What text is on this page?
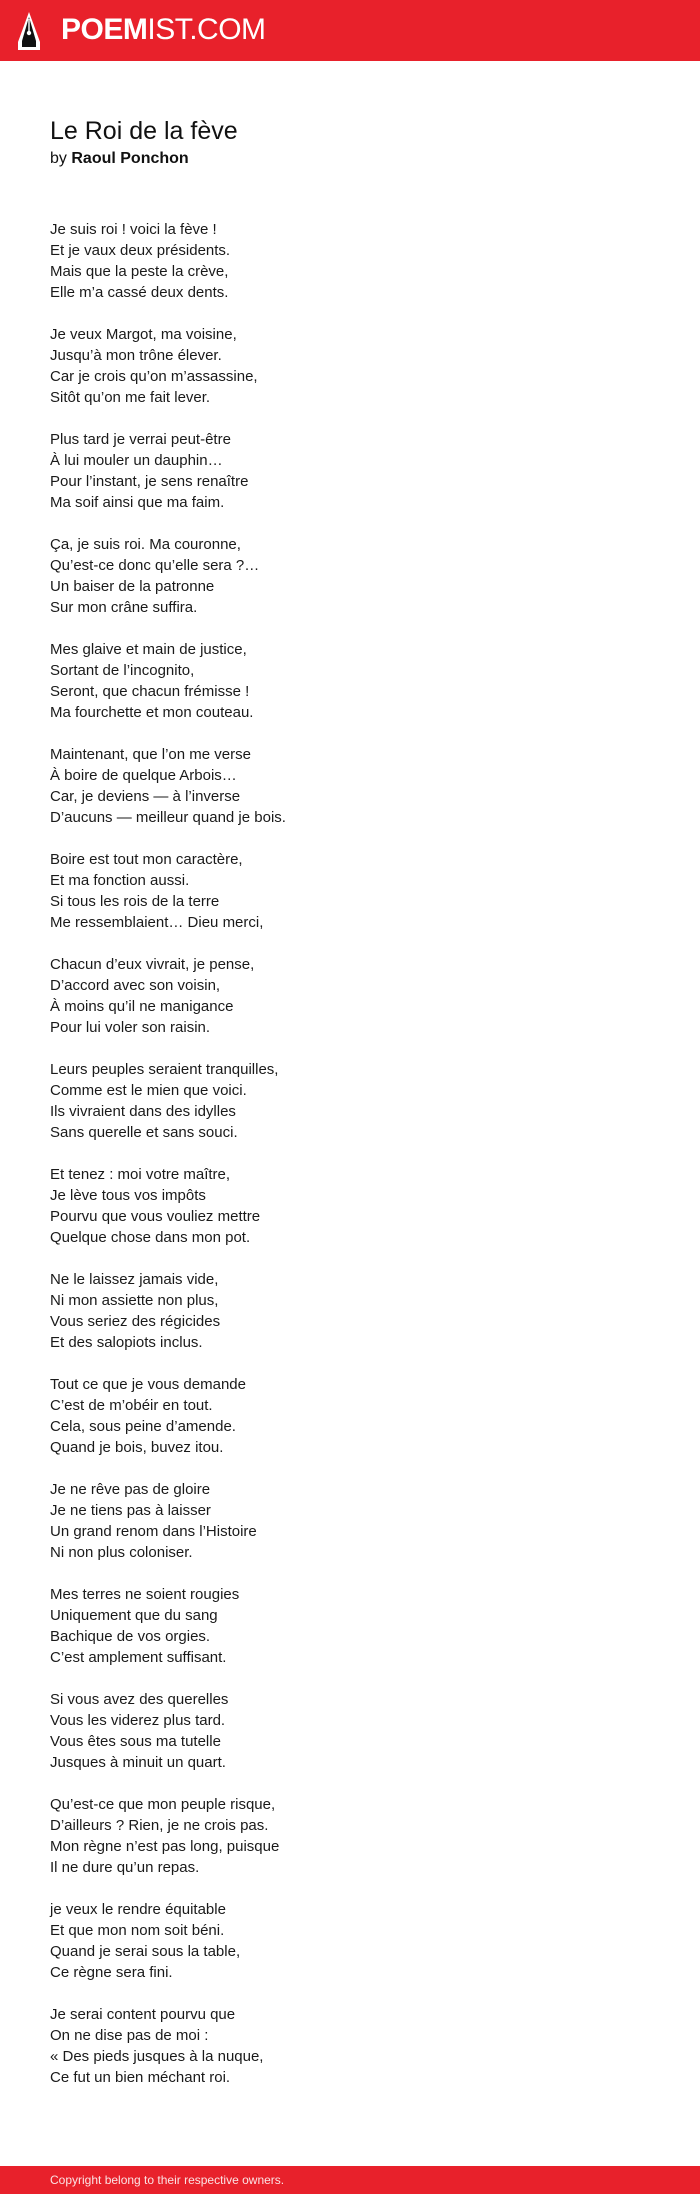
POEMIST.COM
Le Roi de la fève
by Raoul Ponchon
Je suis roi ! voici la fève !
Et je vaux deux présidents.
Mais que la peste la crève,
Elle m’a cassé deux dents.
Je veux Margot, ma voisine,
Jusqu’à mon trône élever.
Car je crois qu’on m’assassine,
Sitôt qu’on me fait lever.
Plus tard je verrai peut-être
À lui mouler un dauphin…
Pour l’instant, je sens renaître
Ma soif ainsi que ma faim.
Ça, je suis roi. Ma couronne,
Qu’est-ce donc qu’elle sera ?…
Un baiser de la patronne
Sur mon crâne suffira.
Mes glaive et main de justice,
Sortant de l’incognito,
Seront, que chacun frémisse !
Ma fourchette et mon couteau.
Maintenant, que l’on me verse
À boire de quelque Arbois…
Car, je deviens — à l’inverse
D’aucuns — meilleur quand je bois.
Boire est tout mon caractère,
Et ma fonction aussi.
Si tous les rois de la terre
Me ressemblaient… Dieu merci,
Chacun d’eux vivrait, je pense,
D’accord avec son voisin,
À moins qu’il ne manigance
Pour lui voler son raisin.
Leurs peuples seraient tranquilles,
Comme est le mien que voici.
Ils vivraient dans des idylles
Sans querelle et sans souci.
Et tenez : moi votre maître,
Je lève tous vos impôts
Pourvu que vous vouliez mettre
Quelque chose dans mon pot.
Ne le laissez jamais vide,
Ni mon assiette non plus,
Vous seriez des régicides
Et des salopiots inclus.
Tout ce que je vous demande
C’est de m’obéir en tout.
Cela, sous peine d’amende.
Quand je bois, buvez itou.
Je ne rêve pas de gloire
Je ne tiens pas à laisser
Un grand renom dans l’Histoire
Ni non plus coloniser.
Mes terres ne soient rougies
Uniquement que du sang
Bachique de vos orgies.
C’est amplement suffisant.
Si vous avez des querelles
Vous les viderez plus tard.
Vous êtes sous ma tutelle
Jusques à minuit un quart.
Qu’est-ce que mon peuple risque,
D’ailleurs ? Rien, je ne crois pas.
Mon règne n’est pas long, puisque
Il ne dure qu’un repas.
je veux le rendre équitable
Et que mon nom soit béni.
Quand je serai sous la table,
Ce règne sera fini.
Je serai content pourvu que
On ne dise pas de moi :
« Des pieds jusques à la nuque,
Ce fut un bien méchant roi.
Copyright belong to their respective owners.
